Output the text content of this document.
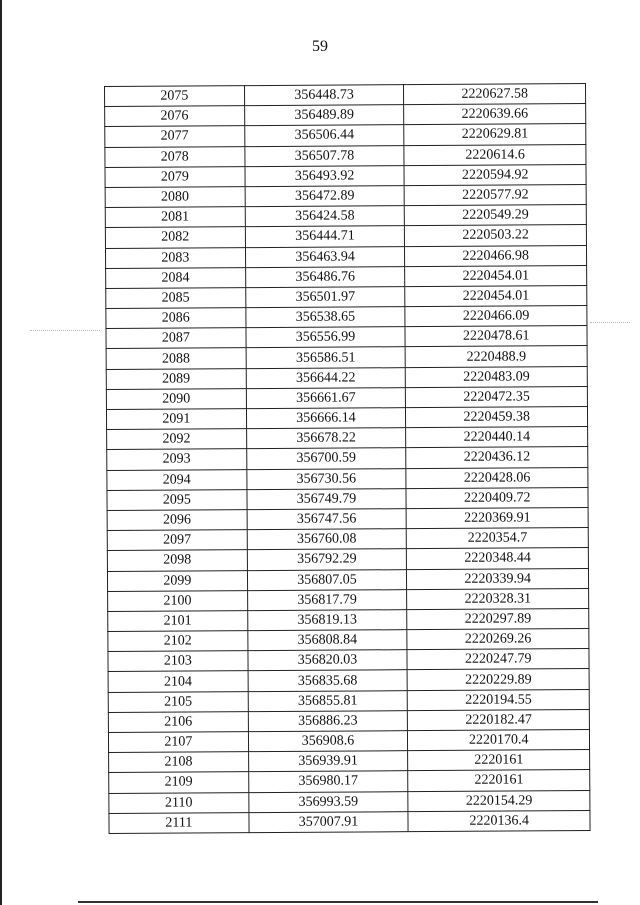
59
2075	356448.73	2220627.58
2076	356489.89	2220639.66
2077	356506.44	2220629.81
2078	356507.78	2220614.6
2079	356493.92	2220594.92
2080	356472.89	2220577.92
2081	356424.58	2220549.29
2082	356444.71	2220503.22
2083	356463.94	2220466.98
2084	356486.76	2220454.01
2085	356501.97	2220454.01
2086	356538.65	2220466.09
2087	356556.99	2220478.61
2088	356586.51	2220488.9
2089	356644.22	2220483.09
2090	356661.67	2220472.35
2091	356666.14	2220459.38
2092	356678.22	2220440.14
2093	356700.59	2220436.12
2094	356730.56	2220428.06
2095	356749.79	2220409.72
2096	356747.56	2220369.91
2097	356760.08	2220354.7
2098	356792.29	2220348.44
2099	356807.05	2220339.94
2100	356817.79	2220328.31
2101	356819.13	2220297.89
2102	356808.84	2220269.26
2103	356820.03	2220247.79
2104	356835.68	2220229.89
2105	356855.81	2220194.55
2106	356886.23	2220182.47
2107	356908.6	2220170.4
2108	356939.91	2220161
2109	356980.17	2220161
2110	356993.59	2220154.29
2111	357007.91	2220136.4
